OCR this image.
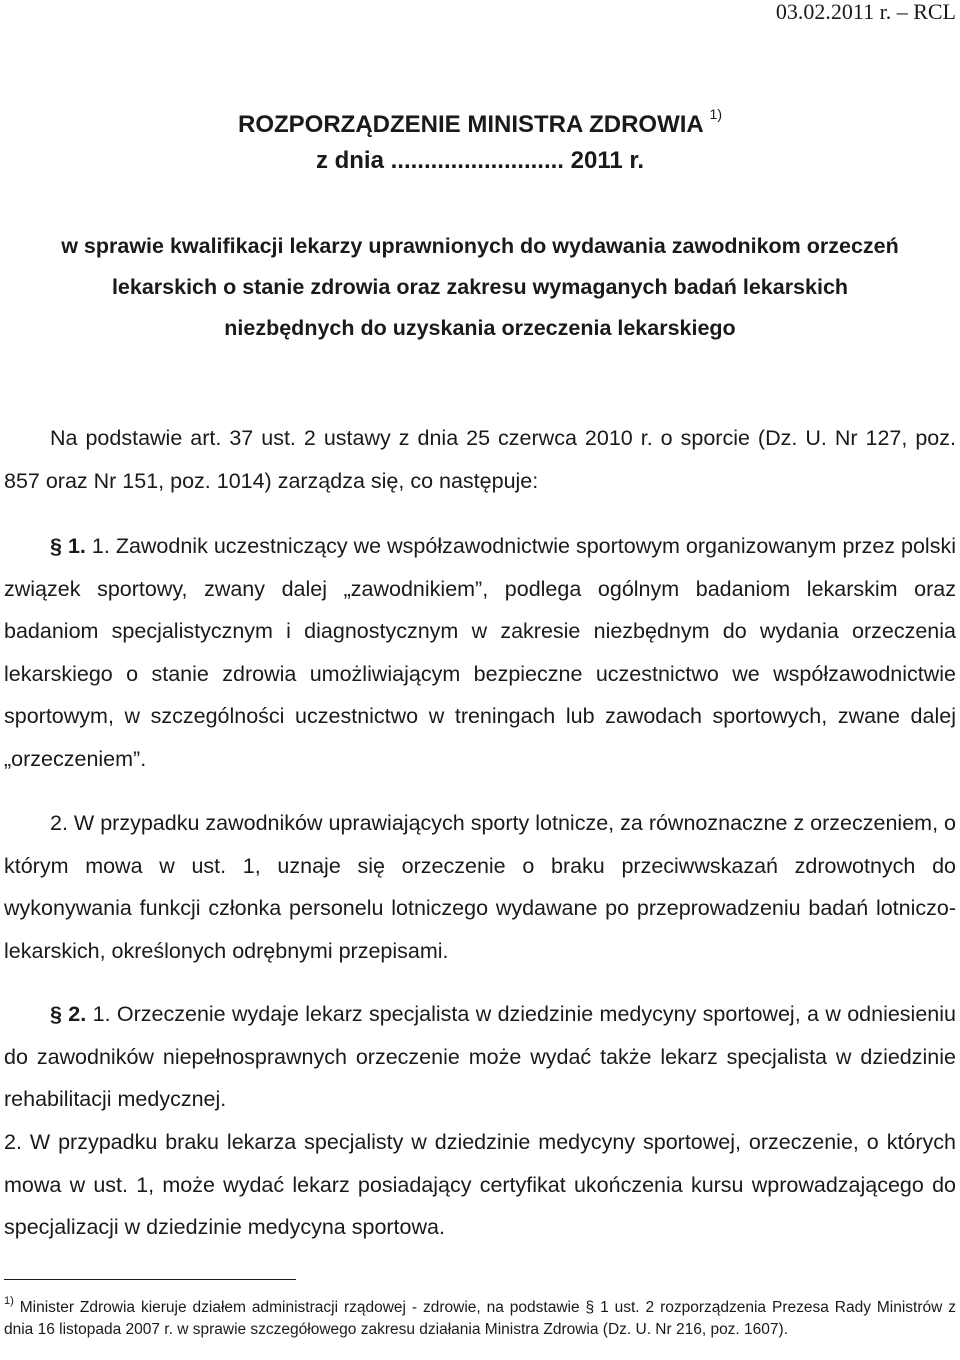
03.02.2011 r. – RCL
ROZPORZĄDZENIE MINISTRA ZDROWIA $^{1)}$
z dnia .......................... 2011 r.
w sprawie kwalifikacji lekarzy uprawnionych do wydawania zawodnikom orzeczeń
lekarskich o stanie zdrowia oraz zakresu wymaganych badań lekarskich
niezbędnych do uzyskania orzeczenia lekarskiego

Na podstawie art. 37 ust. 2 ustawy z dnia 25 czerwca 2010 r. o sporcie (Dz. U. Nr 127, poz. 857 oraz Nr 151, poz. 1014) zarządza się, co następuje:

§ 1. 1. Zawodnik uczestniczący we współzawodnictwie sportowym organizowanym przez polski związek sportowy, zwany dalej „zawodnikiem”, podlega ogólnym badaniom lekarskim oraz badaniom specjalistycznym i diagnostycznym w zakresie niezbędnym do wydania orzeczenia lekarskiego o stanie zdrowia umożliwiającym bezpieczne uczestnictwo we współzawodnictwie sportowym, w szczególności uczestnictwo w treningach lub zawodach sportowych, zwane dalej „orzeczeniem”.

2. W przypadku zawodników uprawiających sporty lotnicze, za równoznaczne z orzeczeniem, o którym mowa w ust. 1, uznaje się orzeczenie o braku przeciwwskazań zdrowotnych do wykonywania funkcji członka personelu lotniczego wydawane po przeprowadzeniu badań lotniczo-lekarskich, określonych odrębnymi przepisami.

§ 2. 1. Orzeczenie wydaje lekarz specjalista w dziedzinie medycyny sportowej, a w odniesieniu do zawodników niepełnosprawnych orzeczenie może wydać także lekarz specjalista w dziedzinie rehabilitacji medycznej.

2. W przypadku braku lekarza specjalisty w dziedzinie medycyny sportowej, orzeczenie, o których mowa w ust. 1, może wydać lekarz posiadający certyfikat ukończenia kursu wprowadzającego do specjalizacji w dziedzinie medycyna sportowa.

$^{1)}$ Minister Zdrowia kieruje działem administracji rządowej - zdrowie, na podstawie § 1 ust. 2 rozporządzenia Prezesa Rady Ministrów z dnia 16 listopada 2007 r. w sprawie szczegółowego zakresu działania Ministra Zdrowia (Dz. U. Nr 216, poz. 1607).
